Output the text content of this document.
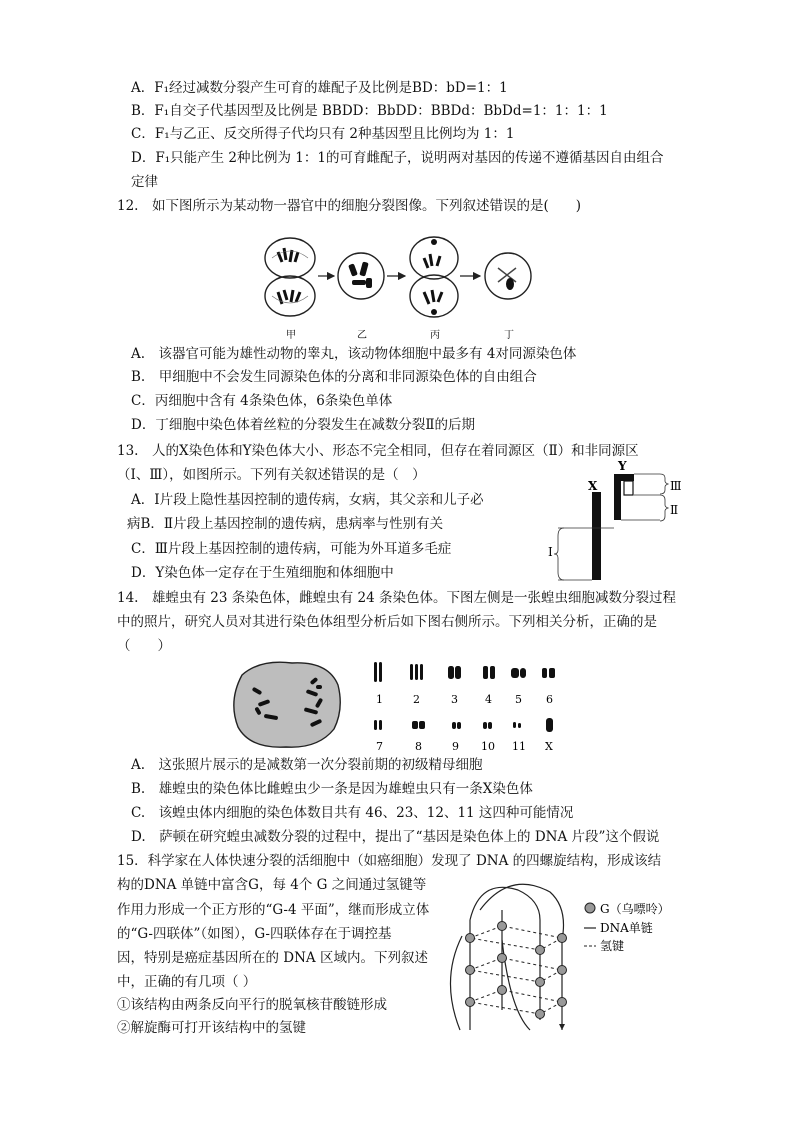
A．F₁经过减数分裂产生可育的雄配子及比例是BD：bD=1：1
B．F₁自交子代基因型及比例是 BBDD：BbDD：BBDd：BbDd=1：1：1：1
C．F₁与乙正、反交所得子代均只有 2种基因型且比例均为 1：1
D．F₁只能产生 2种比例为 1：1的可育雌配子，说明两对基因的传递不遵循基因自由组合
定律
12.　如下图所示为某动物一器官中的细胞分裂图像。下列叙述错误的是(　　)
甲	乙	丙	丁
A.　该器官可能为雄性动物的睾丸，该动物体细胞中最多有 4对同源染色体
B.　甲细胞中不会发生同源染色体的分离和非同源染色体的自由组合
C．丙细胞中含有 4条染色体，6条染色单体
D．丁细胞中染色体着丝粒的分裂发生在减数分裂Ⅱ的后期
13.　人的X染色体和Y染色体大小、形态不完全相同，但存在着同源区（Ⅱ）和非同源区
（Ⅰ、Ⅲ），如图所示。下列有关叙述错误的是（　）
A．Ⅰ片段上隐性基因控制的遗传病，女病，其父亲和儿子必
病B．Ⅱ片段上基因控制的遗传病，患病率与性别有关
C．Ⅲ片段上基因控制的遗传病，可能为外耳道多毛症
D．Y染色体一定存在于生殖细胞和体细胞中
X
Y
Ⅰ
Ⅱ
Ⅲ
14.　雄蝗虫有 23 条染色体，雌蝗虫有 24 条染色体。下图左侧是一张蝗虫细胞减数分裂过程
中的照片，研究人员对其进行染色体组型分析后如下图右侧所示。下列相关分析，正确的是
（　　）
1	2	3 4 5 6
7	8	9 10 11 X
A.　这张照片展示的是减数第一次分裂前期的初级精母细胞
B.　雄蝗虫的染色体比雌蝗虫少一条是因为雄蝗虫只有一条X染色体
C.　该蝗虫体内细胞的染色体数目共有 46、23、12、11 这四种可能情况
D.　萨顿在研究蝗虫减数分裂的过程中，提出了“基因是染色体上的 DNA 片段”这个假说
15．科学家在人体快速分裂的活细胞中（如癌细胞）发现了 DNA 的四螺旋结构，形成该结
构的DNA 单链中富含G，每 4个 G 之间通过氢键等
作用力形成一个正方形的“G-4 平面”，继而形成立体
的“G-四联体”（如图），G-四联体存在于调控基
因，特别是癌症基因所在的 DNA 区域内。下列叙述
中，正确的有几项（ ）
①该结构由两条反向平行的脱氧核苷酸链形成
②解旋酶可打开该结构中的氢键
G（乌嘌呤）
DNA单链
氢键
